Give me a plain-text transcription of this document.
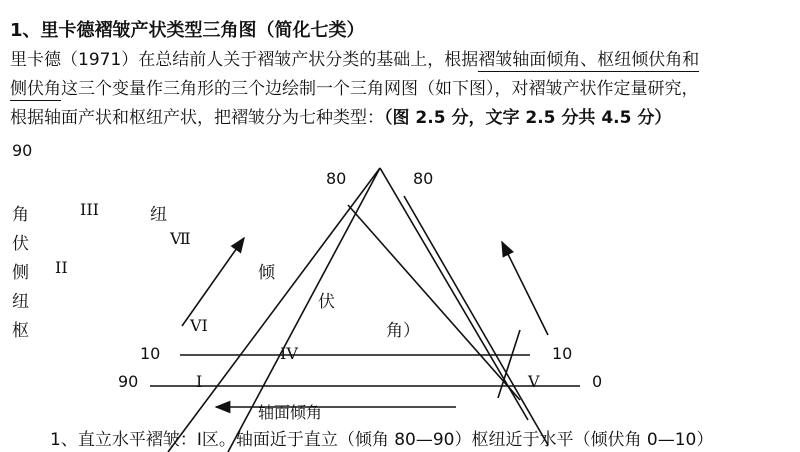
1、里卡德褶皱产状类型三角图（简化七类）
里卡德（1971）在总结前人关于褶皱产状分类的基础上，根据褶皱轴面倾角、枢纽倾伏角和
侧伏角这三个变量作三角形的三个边绘制一个三角网图（如下图），对褶皱产状作定量研究，
根据轴面产状和枢纽产状，把褶皱分为七种类型：（图 2.5 分，文字 2.5 分共 4.5 分）
90
80	80
角
伏
侧
纽
枢
纽
倾
伏
角）
III
Ⅶ
II
VI
IV
I	V
10
90
10
0
轴面倾角
1、直立水平褶皱：Ⅰ区。轴面近于直立（倾角 80—90）枢纽近于水平（倾伏角 0—10）
